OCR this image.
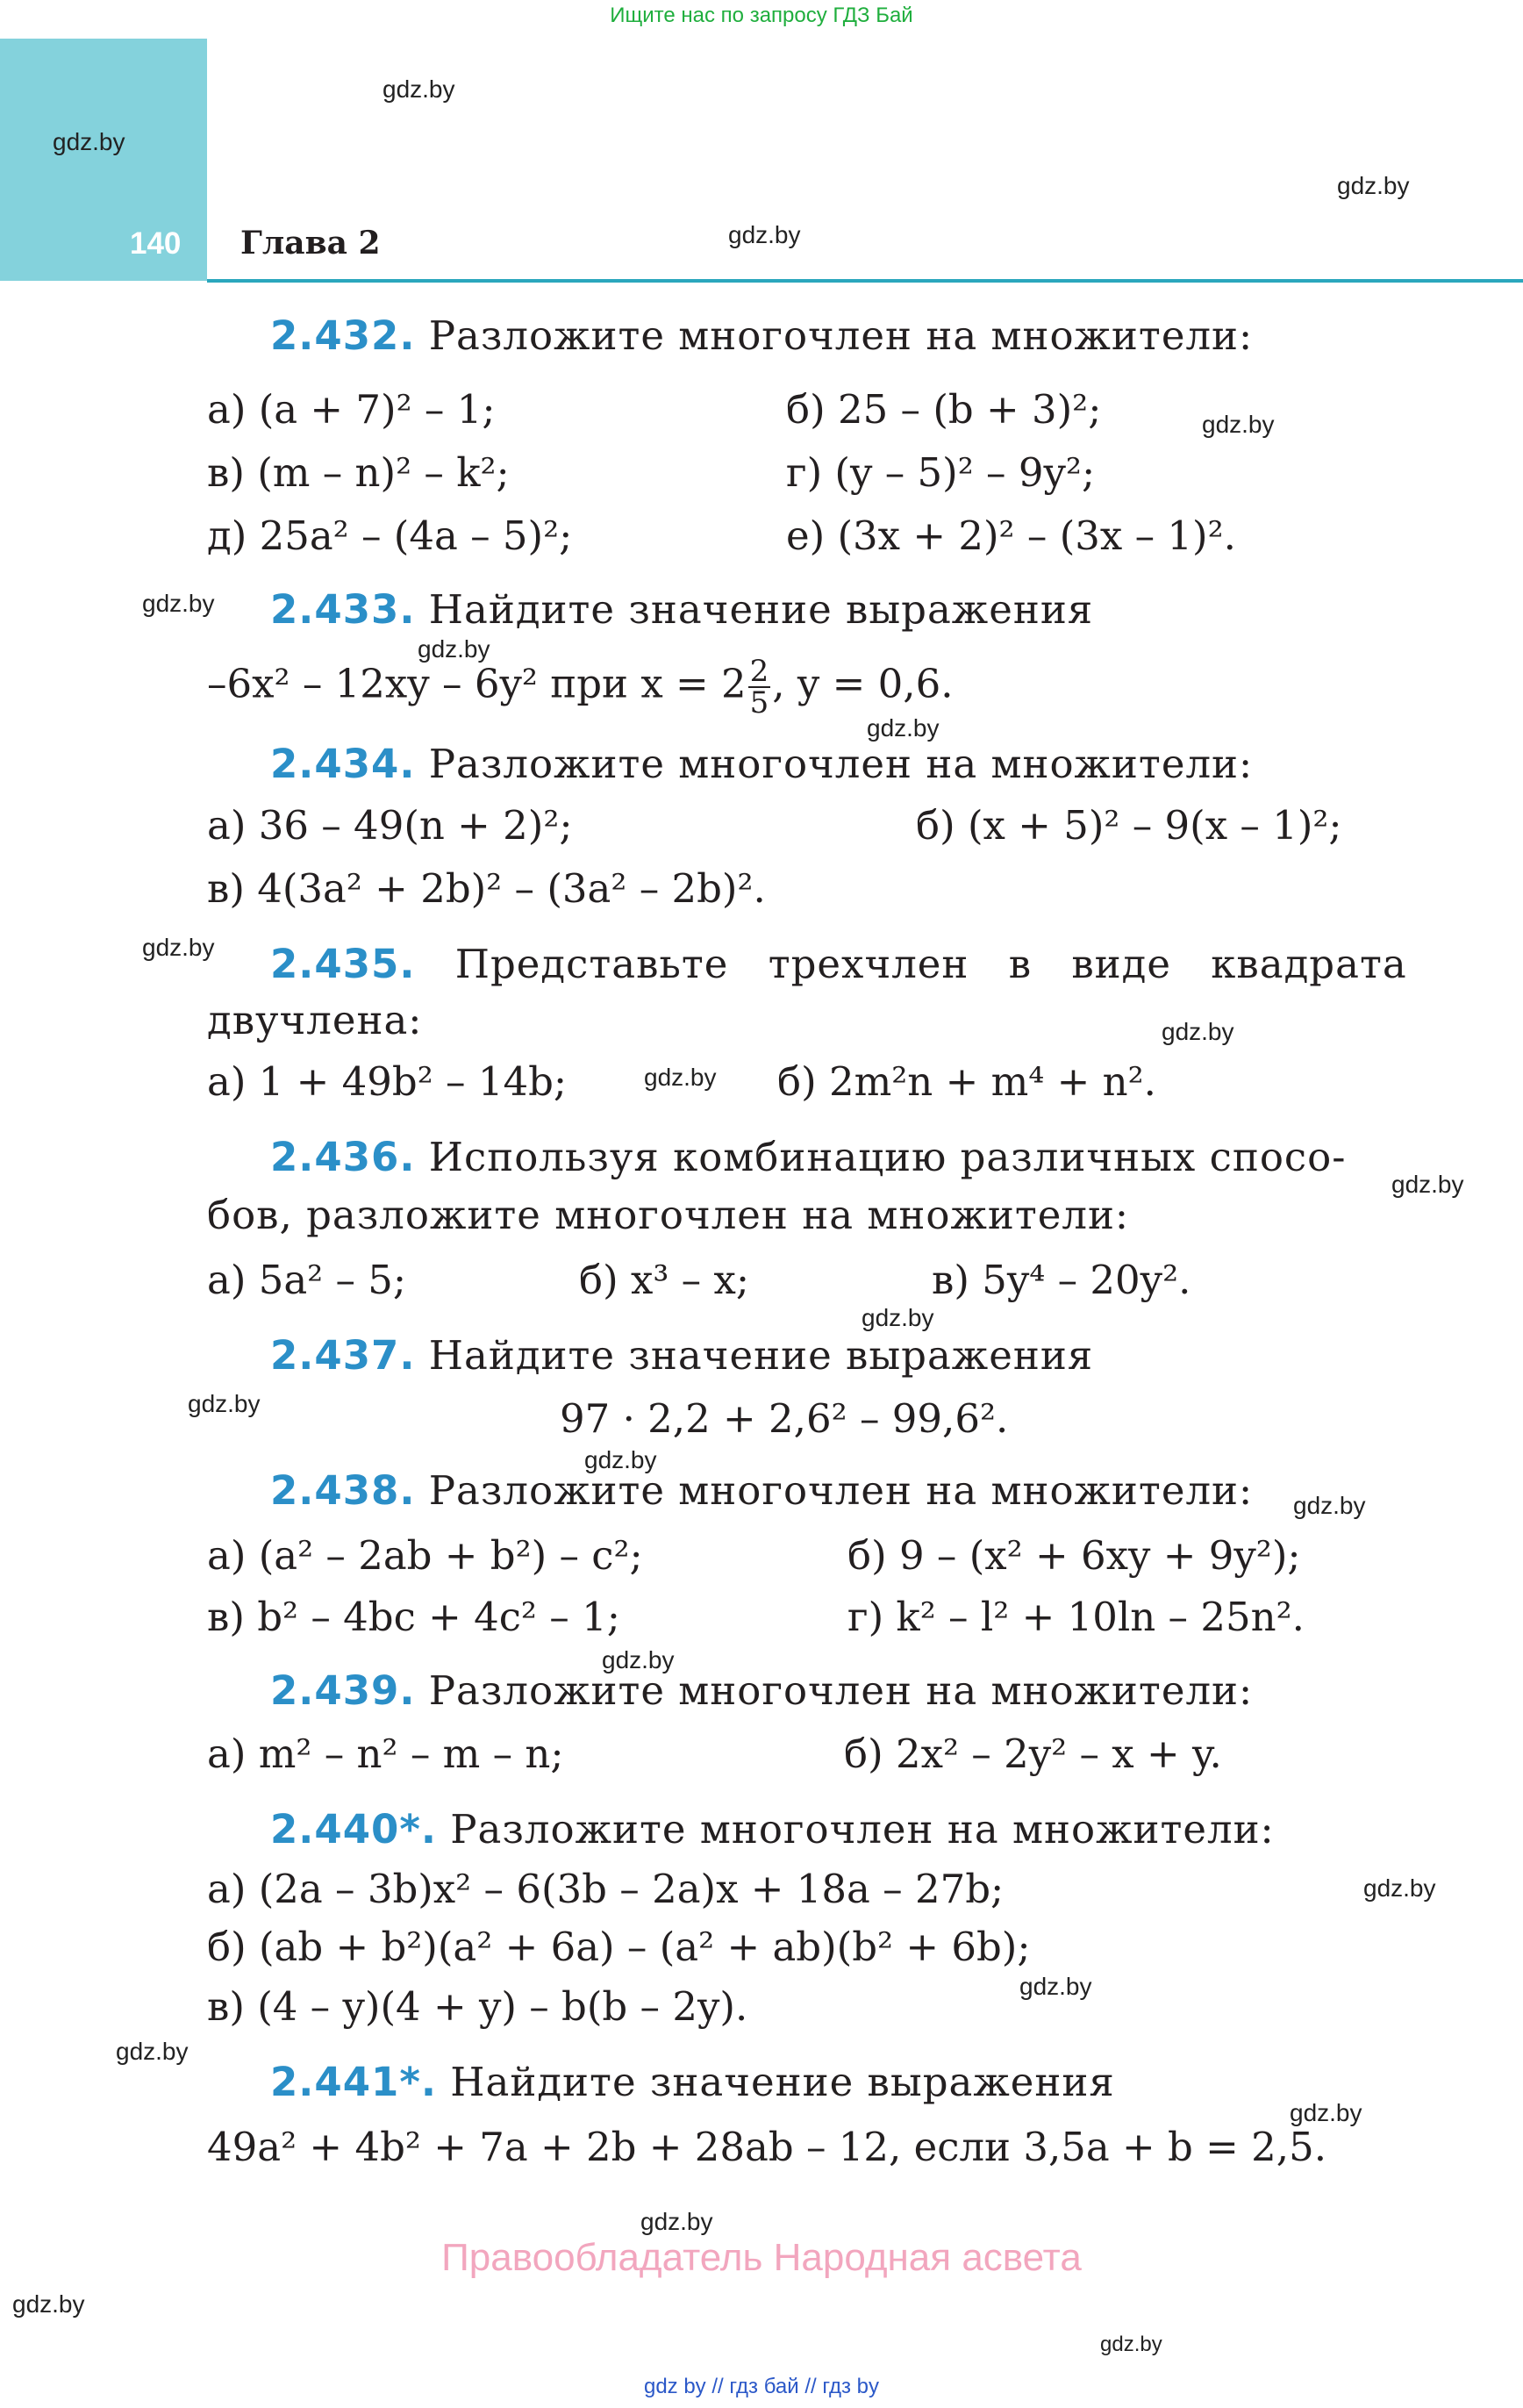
Ищите нас по запросу ГДЗ Бай
140 Глава 2
gdz.by
gdz.by
gdz.by
gdz.by
gdz.by
gdz.by
gdz.by
gdz.by
gdz.by
gdz.by
gdz.by
gdz.by
gdz.by
gdz.by
gdz.by
gdz.by
gdz.by
gdz.by
gdz.by
gdz.by
gdz.by
gdz.by
gdz.by
gdz.by
2.432. Разложите многочлен на множители:
а) (a + 7)² – 1;	б) 25 – (b + 3)²;
в) (m – n)² – k²;	г) (y – 5)² – 9y²;
д) 25a² – (4a – 5)²;	е) (3x + 2)² – (3x – 1)².
2.433. Найдите значение выражения
–6x² – 12xy – 6y² при $x = 2 \frac{2}{5}$ , y = 0,6.
2.434. Разложите многочлен на множители:
а) 36 – 49(n + 2)²;	б) (x + 5)² – 9(x – 1)²;
в) 4(3a² + 2b)² – (3a² – 2b)².
2.435. Представьте трехчлен в виде квадрата
двучлена:
а) 1 + 49b² – 14b;	б) 2m²n + m⁴ + n².
2.436. Используя комбинацию различных спосо-
бов, разложите многочлен на множители:
а) 5a² – 5;	б) x³ – x;	в) 5y⁴ – 20y².
2.437. Найдите значение выражения
97 · 2,2 + 2,6² – 99,6².
2.438. Разложите многочлен на множители:
а) (a² – 2ab + b²) – c²;	б) 9 – (x² + 6xy + 9y²);
в) b² – 4bc + 4c² – 1;	г) k² – l² + 10ln – 25n².
2.439. Разложите многочлен на множители:
а) m² – n² – m – n;	б) 2x² – 2y² – x + y.
2.440*. Разложите многочлен на множители:
а) (2a – 3b)x² – 6(3b – 2a)x + 18a – 27b;
б) (ab + b²)(a² + 6a) – (a² + ab)(b² + 6b);
в) (4 – y)(4 + y) – b(b – 2y).
2.441*. Найдите значение выражения
49a² + 4b² + 7a + 2b + 28ab – 12, если 3,5a + b = 2,5.
Правообладатель Народная асвета
gdz by // гдз бай // гдз by
